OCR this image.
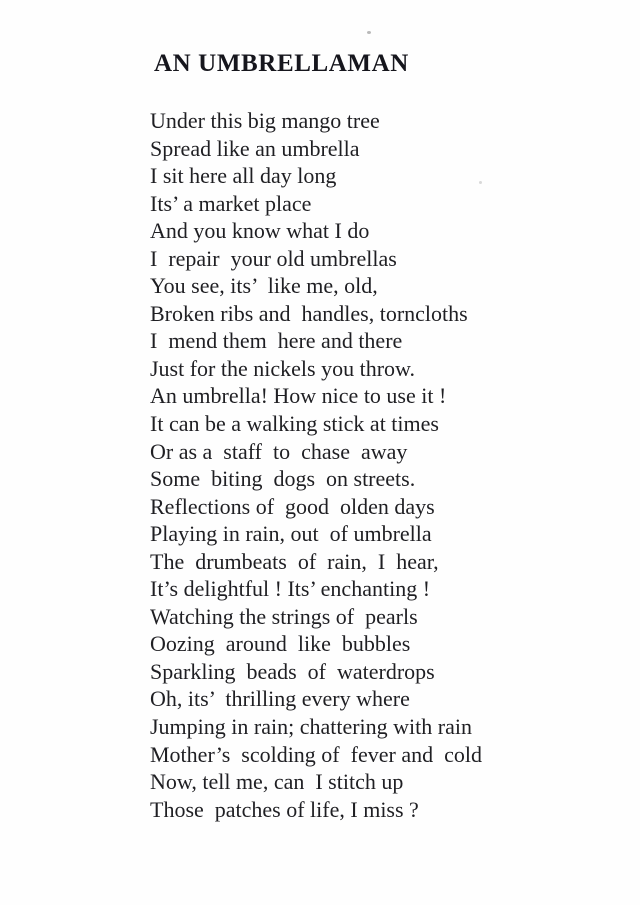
AN UMBRELLAMAN
Under this big mango tree
Spread like an umbrella
I sit here all day long
Its’ a market place
And you know what I do
I  repair  your old umbrellas
You see, its’  like me, old,
Broken ribs and  handles, torncloths
I  mend them  here and there
Just for the nickels you throw.
An umbrella! How nice to use it !
It can be a walking stick at times
Or as a  staff  to  chase  away
Some  biting  dogs  on streets.
Reflections of  good  olden days
Playing in rain, out  of umbrella
The  drumbeats  of  rain,  I  hear,
It’s delightful ! Its’ enchanting !
Watching the strings of  pearls
Oozing  around  like  bubbles
Sparkling  beads  of  waterdrops
Oh, its’  thrilling every where
Jumping in rain; chattering with rain
Mother’s  scolding of  fever and  cold
Now, tell me, can  I stitch up
Those  patches of life, I miss ?
